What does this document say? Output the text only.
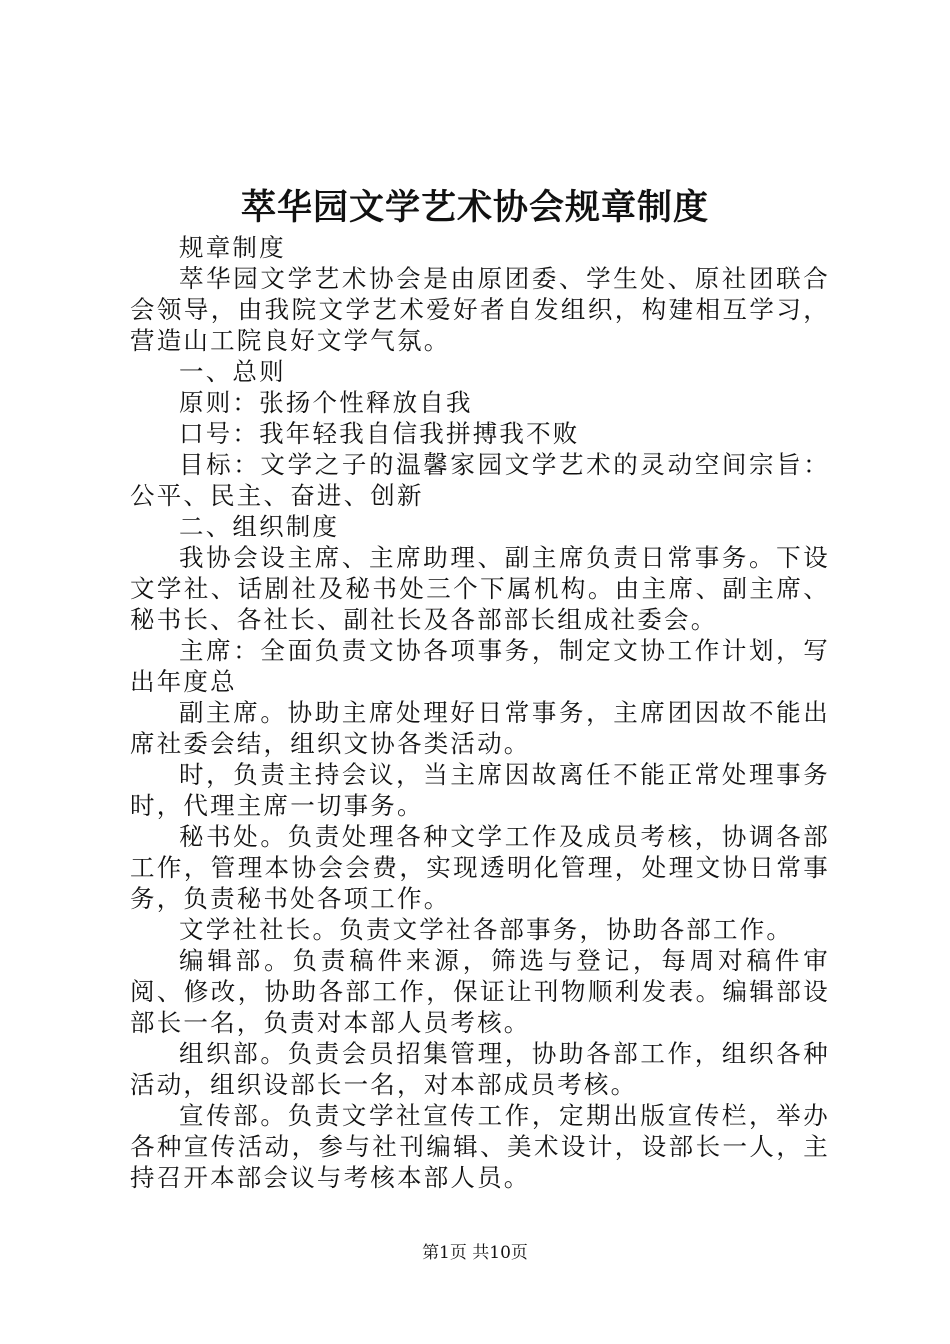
萃华园文学艺术协会规章制度

规章制度

萃华园文学艺术协会是由原团委、学生处、原社团联合会领导，由我院文学艺术爱好者自发组织，构建相互学习，营造山工院良好文学气氛。

一、总则

原则：张扬个性释放自我

口号：我年轻我自信我拼搏我不败

目标：文学之子的温馨家园文学艺术的灵动空间宗旨：公平、民主、奋进、创新

二、组织制度

我协会设主席、主席助理、副主席负责日常事务。下设文学社、话剧社及秘书处三个下属机构。由主席、副主席、秘书长、各社长、副社长及各部部长组成社委会。

主席：全面负责文协各项事务，制定文协工作计划，写出年度总

副主席。协助主席处理好日常事务，主席团因故不能出席社委会结，组织文协各类活动。

时，负责主持会议，当主席因故离任不能正常处理事务时，代理主席一切事务。

秘书处。负责处理各种文学工作及成员考核，协调各部工作，管理本协会会费，实现透明化管理，处理文协日常事务，负责秘书处各项工作。

文学社社长。负责文学社各部事务，协助各部工作。

编辑部。负责稿件来源，筛选与登记，每周对稿件审阅、修改，协助各部工作，保证让刊物顺利发表。编辑部设部长一名，负责对本部人员考核。

组织部。负责会员招集管理，协助各部工作，组织各种活动，组织设部长一名，对本部成员考核。

宣传部。负责文学社宣传工作，定期出版宣传栏，举办各种宣传活动，参与社刊编辑、美术设计，设部长一人，主持召开本部会议与考核本部人员。

第1页 共10页
